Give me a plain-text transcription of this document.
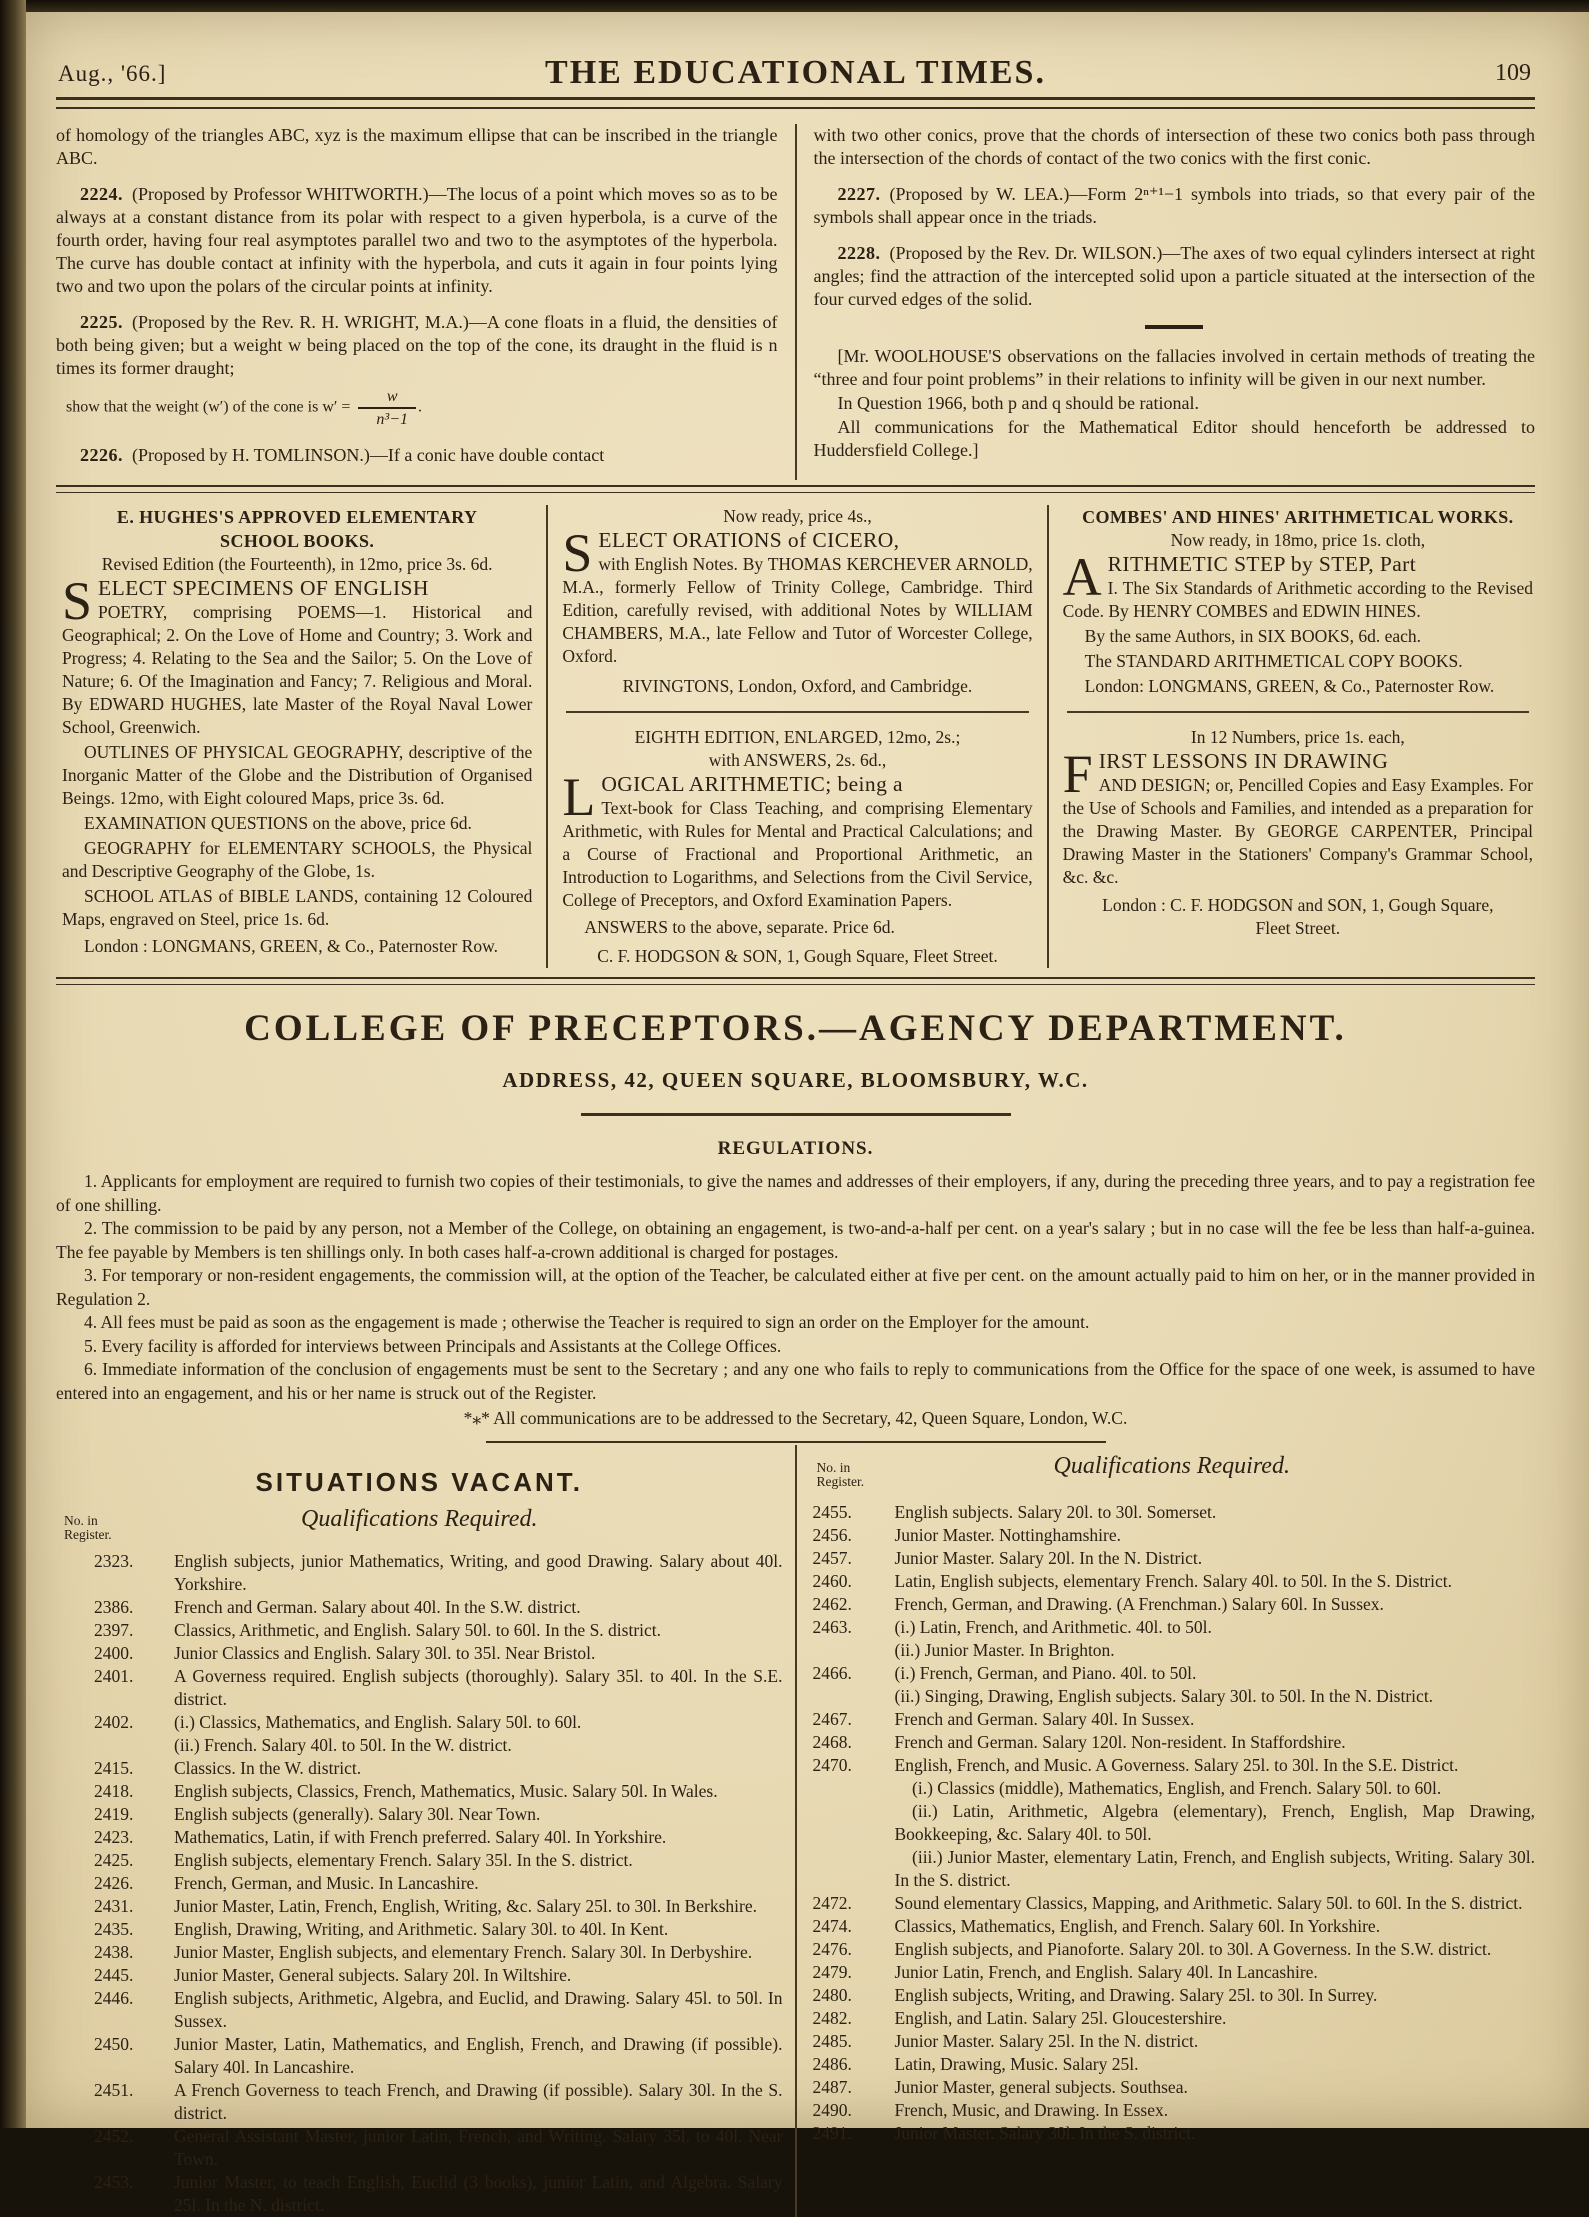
Aug., '66.]	THE EDUCATIONAL TIMES.	109

of homology of the triangles ABC, xyz is the maximum ellipse that can be inscribed in the triangle ABC.

2224. (Proposed by Professor WHITWORTH.)—The locus of a point which moves so as to be always at a constant distance from its polar with respect to a given hyperbola, is a curve of the fourth order, having four real asymptotes parallel two and two to the asymptotes of the hyperbola. The curve has double contact at infinity with the hyperbola, and cuts it again in four points lying two and two upon the polars of the circular points at infinity.

2225. (Proposed by the Rev. R. H. WRIGHT, M.A.)—A cone floats in a fluid, the densities of both being given; but a weight w being placed on the top of the cone, its draught in the fluid is n times its former draught;

show that the weight (w′) of the cone is $w' = \frac{w}{\text{n³−1}}$ .

2226. (Proposed by H. TOMLINSON.)—If a conic have double contact

with two other conics, prove that the chords of intersection of these two conics both pass through the intersection of the chords of contact of the two conics with the first conic.

2227. (Proposed by W. LEA.)—Form 2ⁿ⁺¹−1 symbols into triads, so that every pair of the symbols shall appear once in the triads.

2228. (Proposed by the Rev. Dr. WILSON.)—The axes of two equal cylinders intersect at right angles; find the attraction of the intercepted solid upon a particle situated at the intersection of the four curved edges of the solid.

[Mr. WOOLHOUSE'S observations on the fallacies involved in certain methods of treating the “three and four point problems” in their relations to infinity will be given in our next number.

In Question 1966, both p and q should be rational.

All communications for the Mathematical Editor should henceforth be addressed to Huddersfield College.]

E. HUGHES'S APPROVED ELEMENTARY

SCHOOL BOOKS.

Revised Edition (the Fourteenth), in 12mo, price 3s. 6d.

SELECT SPECIMENS OF ENGLISH
POETRY, comprising POEMS—1. Historical and Geographical; 2. On the Love of Home and Country; 3. Work and Progress; 4. Relating to the Sea and the Sailor; 5. On the Love of Nature; 6. Of the Imagination and Fancy; 7. Religious and Moral. By EDWARD HUGHES, late Master of the Royal Naval Lower School, Greenwich.

OUTLINES OF PHYSICAL GEOGRAPHY, descriptive of the Inorganic Matter of the Globe and the Distribution of Organised Beings. 12mo, with Eight coloured Maps, price 3s. 6d.

EXAMINATION QUESTIONS on the above, price 6d.

GEOGRAPHY for ELEMENTARY SCHOOLS, the Physical and Descriptive Geography of the Globe, 1s.

SCHOOL ATLAS of BIBLE LANDS, containing 12 Coloured Maps, engraved on Steel, price 1s. 6d.

London : LONGMANS, GREEN, & Co., Paternoster Row.

Now ready, price 4s.,

SELECT ORATIONS of CICERO,
with English Notes. By THOMAS KERCHEVER ARNOLD, M.A., formerly Fellow of Trinity College, Cambridge. Third Edition, carefully revised, with additional Notes by WILLIAM CHAMBERS, M.A., late Fellow and Tutor of Worcester College, Oxford.

RIVINGTONS, London, Oxford, and Cambridge.

EIGHTH EDITION, ENLARGED, 12mo, 2s.;

with ANSWERS, 2s. 6d.,

LOGICAL ARITHMETIC; being a
Text-book for Class Teaching, and comprising Elementary Arithmetic, with Rules for Mental and Practical Calculations; and a Course of Fractional and Proportional Arithmetic, an Introduction to Logarithms, and Selections from the Civil Service, College of Preceptors, and Oxford Examination Papers.

ANSWERS to the above, separate. Price 6d.

C. F. HODGSON & SON, 1, Gough Square, Fleet Street.

COMBES' AND HINES' ARITHMETICAL WORKS.

Now ready, in 18mo, price 1s. cloth,

ARITHMETIC STEP by STEP, Part
I. The Six Standards of Arithmetic according to the Revised Code. By HENRY COMBES and EDWIN HINES.

By the same Authors, in SIX BOOKS, 6d. each.

The STANDARD ARITHMETICAL COPY BOOKS.

London: LONGMANS, GREEN, & Co., Paternoster Row.

In 12 Numbers, price 1s. each,

FIRST LESSONS IN DRAWING
AND DESIGN; or, Pencilled Copies and Easy Examples. For the Use of Schools and Families, and intended as a preparation for the Drawing Master. By GEORGE CARPENTER, Principal Drawing Master in the Stationers' Company's Grammar School, &c. &c.

London : C. F. HODGSON and SON, 1, Gough Square,

Fleet Street.

COLLEGE OF PRECEPTORS.—AGENCY DEPARTMENT.

ADDRESS, 42, QUEEN SQUARE, BLOOMSBURY, W.C.

REGULATIONS.

1. Applicants for employment are required to furnish two copies of their testimonials, to give the names and addresses of their employers, if any, during the preceding three years, and to pay a registration fee of one shilling.

2. The commission to be paid by any person, not a Member of the College, on obtaining an engagement, is two-and-a-half per cent. on a year's salary ; but in no case will the fee be less than half-a-guinea. The fee payable by Members is ten shillings only. In both cases half-a-crown additional is charged for postages.

3. For temporary or non-resident engagements, the commission will, at the option of the Teacher, be calculated either at five per cent. on the amount actually paid to him on her, or in the manner provided in Regulation 2.

4. All fees must be paid as soon as the engagement is made ; otherwise the Teacher is required to sign an order on the Employer for the amount.

5. Every facility is afforded for interviews between Principals and Assistants at the College Offices.

6. Immediate information of the conclusion of engagements must be sent to the Secretary ; and any one who fails to reply to communications from the Office for the space of one week, is assumed to have entered into an engagement, and his or her name is struck out of the Register.

*⁎* All communications are to be addressed to the Secretary, 42, Queen Square, London, W.C.

SITUATIONS VACANT.
No. in
Register.
Qualifications Required.
2323.	English subjects, junior Mathematics, Writing, and good Drawing. Salary about 40l. Yorkshire.
2386.	French and German. Salary about 40l. In the S.W. district.
2397.	Classics, Arithmetic, and English. Salary 50l. to 60l. In the S. district.
2400.	Junior Classics and English. Salary 30l. to 35l. Near Bristol.
2401.	A Governess required. English subjects (thoroughly). Salary 35l. to 40l. In the S.E. district.
2402.	(i.) Classics, Mathematics, and English. Salary 50l. to 60l.
(ii.) French. Salary 40l. to 50l. In the W. district.
2415.	Classics. In the W. district.
2418.	English subjects, Classics, French, Mathematics, Music. Salary 50l. In Wales.
2419.	English subjects (generally). Salary 30l. Near Town.
2423.	Mathematics, Latin, if with French preferred. Salary 40l. In Yorkshire.
2425.	English subjects, elementary French. Salary 35l. In the S. district.
2426.	French, German, and Music. In Lancashire.
2431.	Junior Master, Latin, French, English, Writing, &c. Salary 25l. to 30l. In Berkshire.
2435.	English, Drawing, Writing, and Arithmetic. Salary 30l. to 40l. In Kent.
2438.	Junior Master, English subjects, and elementary French. Salary 30l. In Derbyshire.
2445.	Junior Master, General subjects. Salary 20l. In Wiltshire.
2446.	English subjects, Arithmetic, Algebra, and Euclid, and Drawing. Salary 45l. to 50l. In Sussex.
2450.	Junior Master, Latin, Mathematics, and English, French, and Drawing (if possible). Salary 40l. In Lancashire.
2451.	A French Governess to teach French, and Drawing (if possible). Salary 30l. In the S. district.
2452.	General Assistant Master, junior Latin, French, and Writing. Salary 35l. to 40l. Near Town.
2453.	Junior Master, to teach English, Euclid (3 books), junior Latin, and Algebra. Salary 25l. In the N. district.
No. in
Register.
Qualifications Required.
2455.	English subjects. Salary 20l. to 30l. Somerset.
2456.	Junior Master. Nottinghamshire.
2457.	Junior Master. Salary 20l. In the N. District.
2460.	Latin, English subjects, elementary French. Salary 40l. to 50l. In the S. District.
2462.	French, German, and Drawing. (A Frenchman.) Salary 60l. In Sussex.
2463.	(i.) Latin, French, and Arithmetic. 40l. to 50l.
(ii.) Junior Master. In Brighton.
2466.	(i.) French, German, and Piano. 40l. to 50l.
(ii.) Singing, Drawing, English subjects. Salary 30l. to 50l. In the N. District.
2467.	French and German. Salary 40l. In Sussex.
2468.	French and German. Salary 120l. Non-resident. In Staffordshire.
2470.	English, French, and Music. A Governess. Salary 25l. to 30l. In the S.E. District.
 (i.) Classics (middle), Mathematics, English, and French. Salary 50l. to 60l.
 (ii.) Latin, Arithmetic, Algebra (elementary), French, English, Map Drawing, Bookkeeping, &c. Salary 40l. to 50l.
 (iii.) Junior Master, elementary Latin, French, and English subjects, Writing. Salary 30l. In the S. district.
2472.	Sound elementary Classics, Mapping, and Arithmetic. Salary 50l. to 60l. In the S. district.
2474.	Classics, Mathematics, English, and French. Salary 60l. In Yorkshire.
2476.	English subjects, and Pianoforte. Salary 20l. to 30l. A Governess. In the S.W. district.
2479.	Junior Latin, French, and English. Salary 40l. In Lancashire.
2480.	English subjects, Writing, and Drawing. Salary 25l. to 30l. In Surrey.
2482.	English, and Latin. Salary 25l. Gloucestershire.
2485.	Junior Master. Salary 25l. In the N. district.
2486.	Latin, Drawing, Music. Salary 25l.
2487.	Junior Master, general subjects. Southsea.
2490.	French, Music, and Drawing. In Essex.
2491.	Junior Master. Salary 30l. In the S. district.
